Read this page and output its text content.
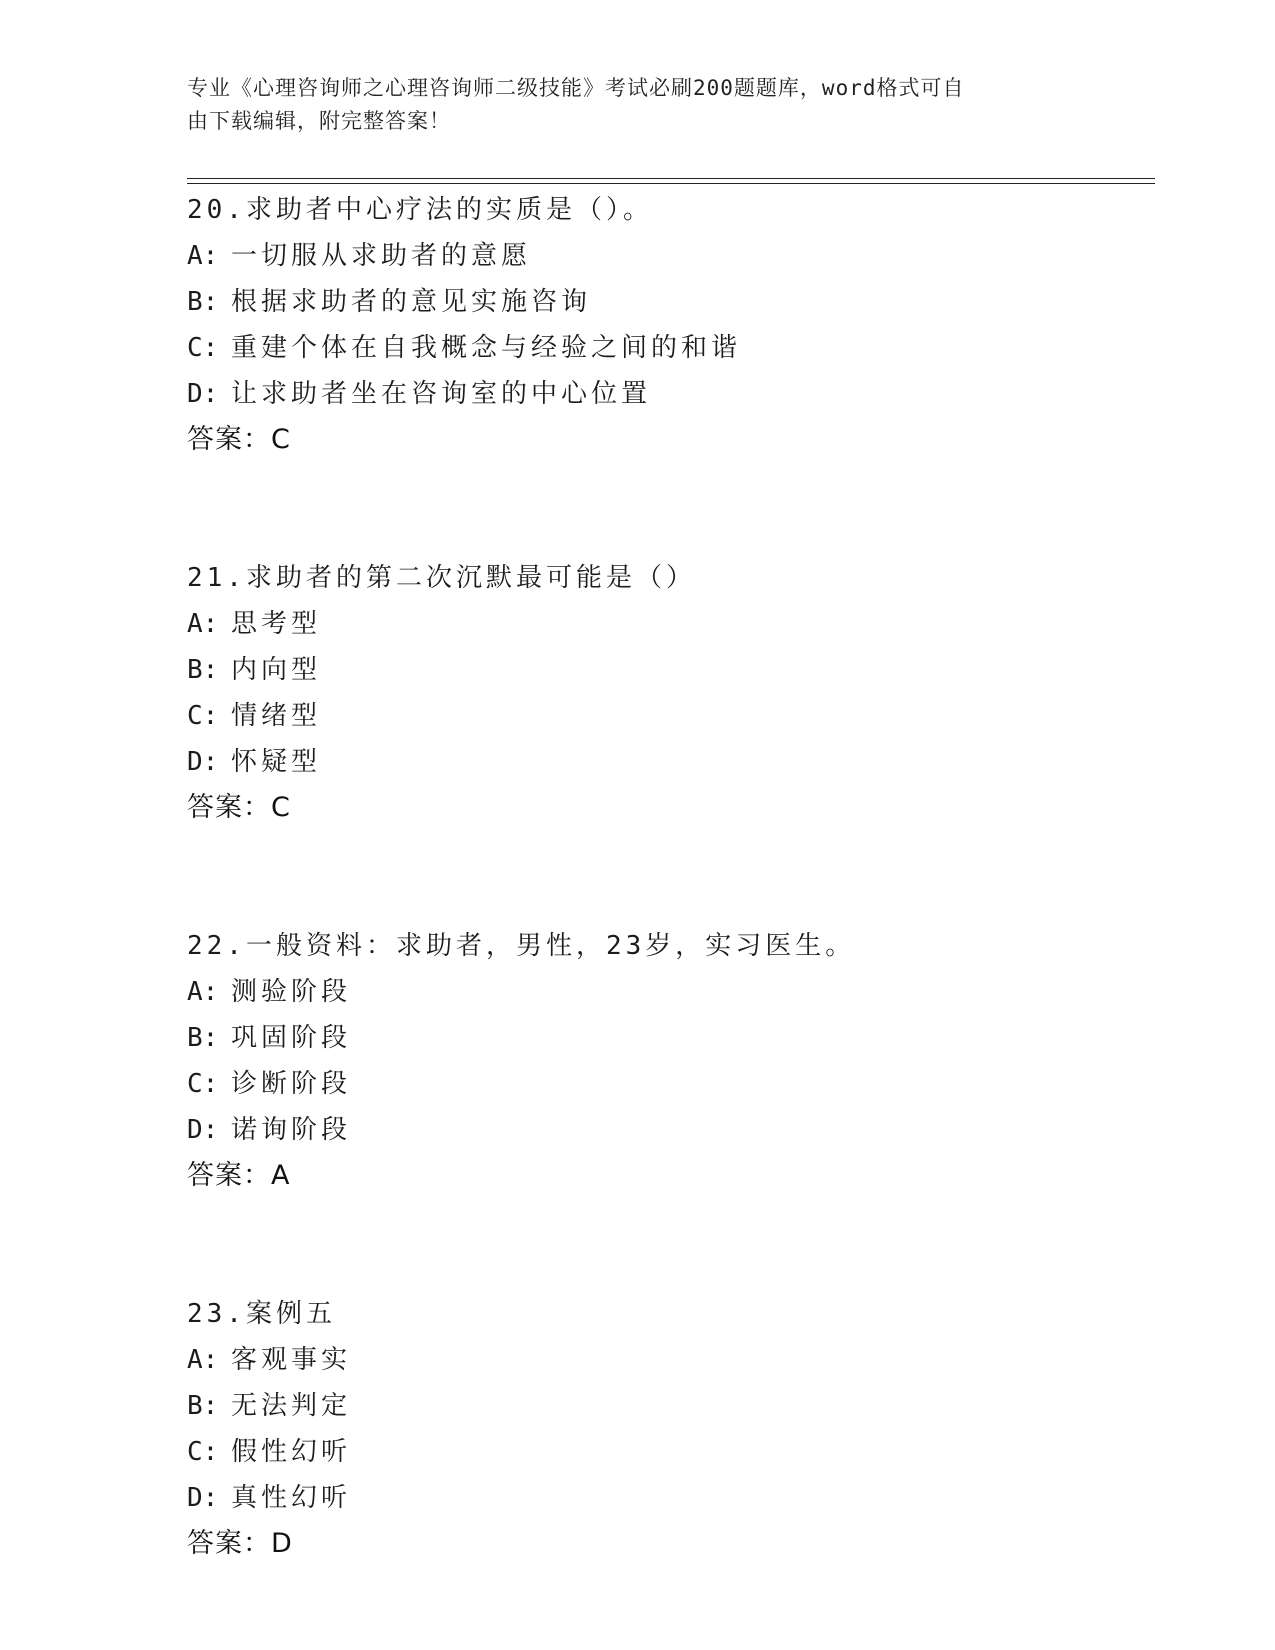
专业《心理咨询师之心理咨询师二级技能》考试必刷200题题库，word格式可自
由下载编辑，附完整答案！
20.求助者中心疗法的实质是（）。
A: 一切服从求助者的意愿
B: 根据求助者的意见实施咨询
C: 重建个体在自我概念与经验之间的和谐
D: 让求助者坐在咨询室的中心位置
答案：C
21.求助者的第二次沉默最可能是（）
A: 思考型
B: 内向型
C: 情绪型
D: 怀疑型
答案：C
22.一般资料：求助者，男性，23岁，实习医生。
A: 测验阶段
B: 巩固阶段
C: 诊断阶段
D: 诺询阶段
答案：A
23.案例五
A: 客观事实
B: 无法判定
C: 假性幻听
D: 真性幻听
答案：D
